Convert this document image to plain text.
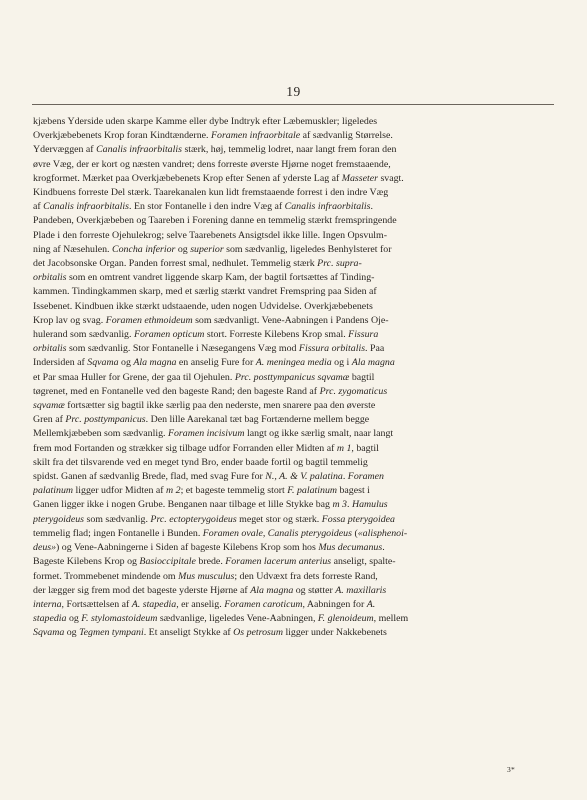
19
kjæbens Yderside uden skarpe Kamme eller dybe Indtryk efter Læbemuskler; ligeledes
Overkjæbebenets Krop foran Kindtænderne. Foramen infraorbitale af sædvanlig Størrelse.
Ydervæggen af Canalis infraorbitalis stærk, høj, temmelig lodret, naar langt frem foran den
øvre Væg, der er kort og næsten vandret; dens forreste øverste Hjørne noget fremstaaende,
krogformet. Mærket paa Overkjæbebenets Krop efter Senen af yderste Lag af Masseter svagt.
Kindbuens forreste Del stærk. Taarekanalen kun lidt fremstaaende forrest i den indre Væg
af Canalis infraorbitalis. En stor Fontanelle i den indre Væg af Canalis infraorbitalis.
Pandeben, Overkjæbeben og Taareben i Forening danne en temmelig stærkt fremspringende
Plade i den forreste Ojehulekrog; selve Taarebenets Ansigtsdel ikke lille. Ingen Opsvulm-
ning af Næsehulen. Concha inferior og superior som sædvanlig, ligeledes Benhylsteret for
det Jacobsonske Organ. Panden forrest smal, nedhulet. Temmelig stærk Prc. supra-
orbitalis som en omtrent vandret liggende skarp Kam, der bagtil fortsættes af Tinding-
kammen. Tindingkammen skarp, med et særlig stærkt vandret Fremspring paa Siden af
Issebenet. Kindbuen ikke stærkt udstaaende, uden nogen Udvidelse. Overkjæbebenets
Krop lav og svag. Foramen ethmoideum som sædvanligt. Vene-Aabningen i Pandens Oje-
hulerand som sædvanlig. Foramen opticum stort. Forreste Kilebens Krop smal. Fissura
orbitalis som sædvanlig. Stor Fontanelle i Næsegangens Væg mod Fissura orbitalis. Paa
Indersiden af Sqvama og Ala magna en anselig Fure for A. meningea media og i Ala magna
et Par smaa Huller for Grene, der gaa til Ojehulen. Prc. posttympanicus sqvamæ bagtil
tøgrenet, med en Fontanelle ved den bageste Rand; den bageste Rand af Prc. zygomaticus
sqvamæ fortsætter sig bagtil ikke særlig paa den nederste, men snarere paa den øverste
Gren af Prc. posttympanicus. Den lille Aarekanal tæt bag Fortænderne mellem begge
Mellemkjæbeben som sædvanlig. Foramen incisivum langt og ikke særlig smalt, naar langt
frem mod Fortanden og strækker sig tilbage udfor Forranden eller Midten af m 1, bagtil
skilt fra det tilsvarende ved en meget tynd Bro, ender baade fortil og bagtil temmelig
spidst. Ganen af sædvanlig Brede, flad, med svag Fure for N., A. & V. palatina. Foramen
palatinum ligger udfor Midten af m 2; et bageste temmelig stort F. palatinum bagest i
Ganen ligger ikke i nogen Grube. Benganen naar tilbage et lille Stykke bag m 3. Hamulus
pterygoideus som sædvanlig. Prc. ectopterygoideus meget stor og stærk. Fossa pterygoidea
temmelig flad; ingen Fontanelle i Bunden. Foramen ovale, Canalis pterygoideus («alisphenoi-
deus») og Vene-Aabningerne i Siden af bageste Kilebens Krop som hos Mus decumanus.
Bageste Kilebens Krop og Basioccipitale brede. Foramen lacerum anterius anseligt, spalte-
formet. Trommebenet mindende om Mus musculus; den Udvæxt fra dets forreste Rand,
der lægger sig frem mod det bageste yderste Hjørne af Ala magna og støtter A. maxillaris
interna, Fortsættelsen af A. stapedia, er anselig. Foramen caroticum, Aabningen for A.
stapedia og F. stylomastoideum sædvanlige, ligeledes Vene-Aabningen, F. glenoideum, mellem
Sqvama og Tegmen tympani. Et anseligt Stykke af Os petrosum ligger under Nakkebenets
3*
